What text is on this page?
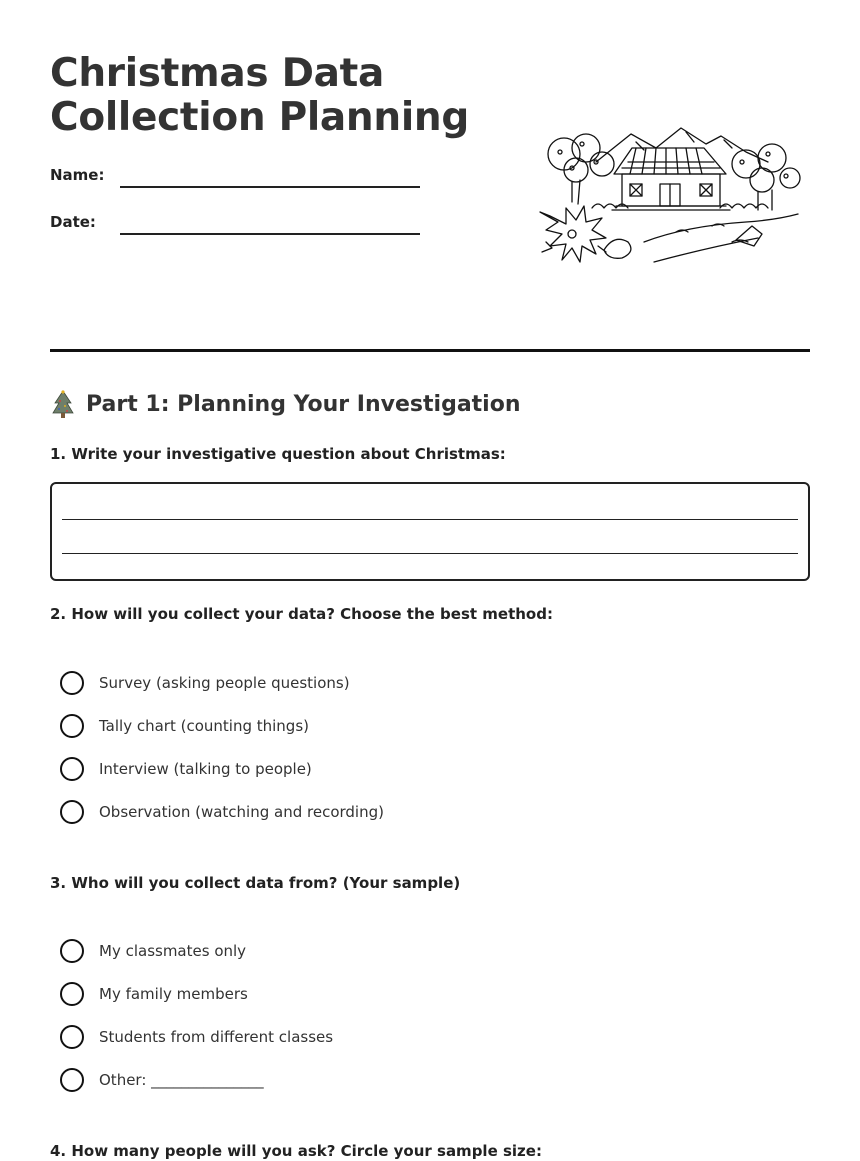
Christmas Data
Collection Planning
Name:
Date:
Part 1: Planning Your Investigation
1. Write your investigative question about Christmas:
2. How will you collect your data? Choose the best method:
Survey (asking people questions)
Tally chart (counting things)
Interview (talking to people)
Observation (watching and recording)
3. Who will you collect data from? (Your sample)
My classmates only
My family members
Students from different classes
Other: _______________
4. How many people will you ask? Circle your sample size:
